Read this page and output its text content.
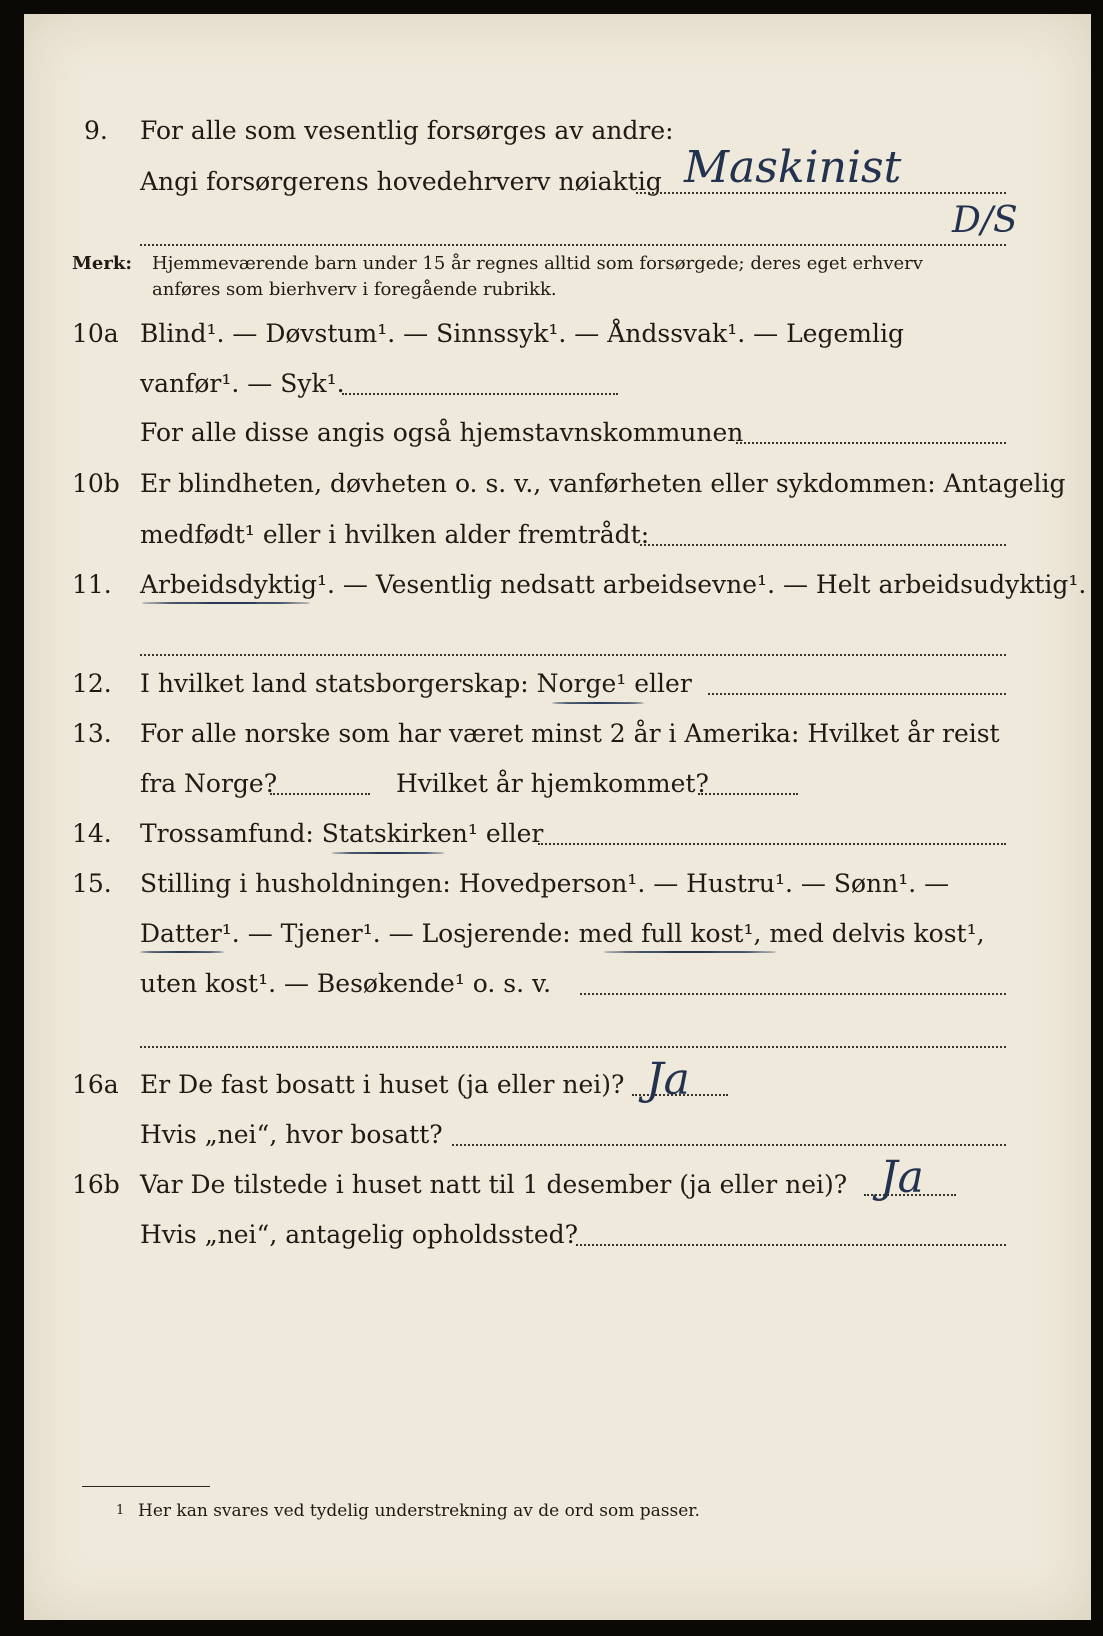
9. For alle som vesentlig forsørges av andre:
Angi forsørgerens hovedehrverv nøiaktig Maskinist
D/S
Merk: Hjemmeværende barn under 15 år regnes alltid som forsørgede; deres eget erhverv
anføres som bierhverv i foregående rubrikk.
10a Blind¹. — Døvstum¹. — Sinnssyk¹. — Åndssvak¹. — Legemlig
vanfør¹. — Syk¹.
For alle disse angis også hjemstavnskommunen
10b Er blindheten, døvheten o. s. v., vanførheten eller sykdommen: Antagelig
medfødt¹ eller i hvilken alder fremtrådt:
11. Arbeidsdyktig¹. — Vesentlig nedsatt arbeidsevne¹. — Helt arbeidsudyktig¹.
12. I hvilket land statsborgerskap: Norge¹ eller
13. For alle norske som har været minst 2 år i Amerika: Hvilket år reist
fra Norge?	Hvilket år hjemkommet?
14. Trossamfund: Statskirken¹ eller
15. Stilling i husholdningen: Hovedperson¹. — Hustru¹. — Sønn¹. —
Datter¹. — Tjener¹. — Losjerende: med full kost¹, med delvis kost¹,
uten kost¹. — Besøkende¹ o. s. v.
16a Er De fast bosatt i huset (ja eller nei)? Ja
Hvis „nei“, hvor bosatt?
16b Var De tilstede i huset natt til 1 desember (ja eller nei)? Ja
Hvis „nei“, antagelig opholdssted?
1 Her kan svares ved tydelig understrekning av de ord som passer.
